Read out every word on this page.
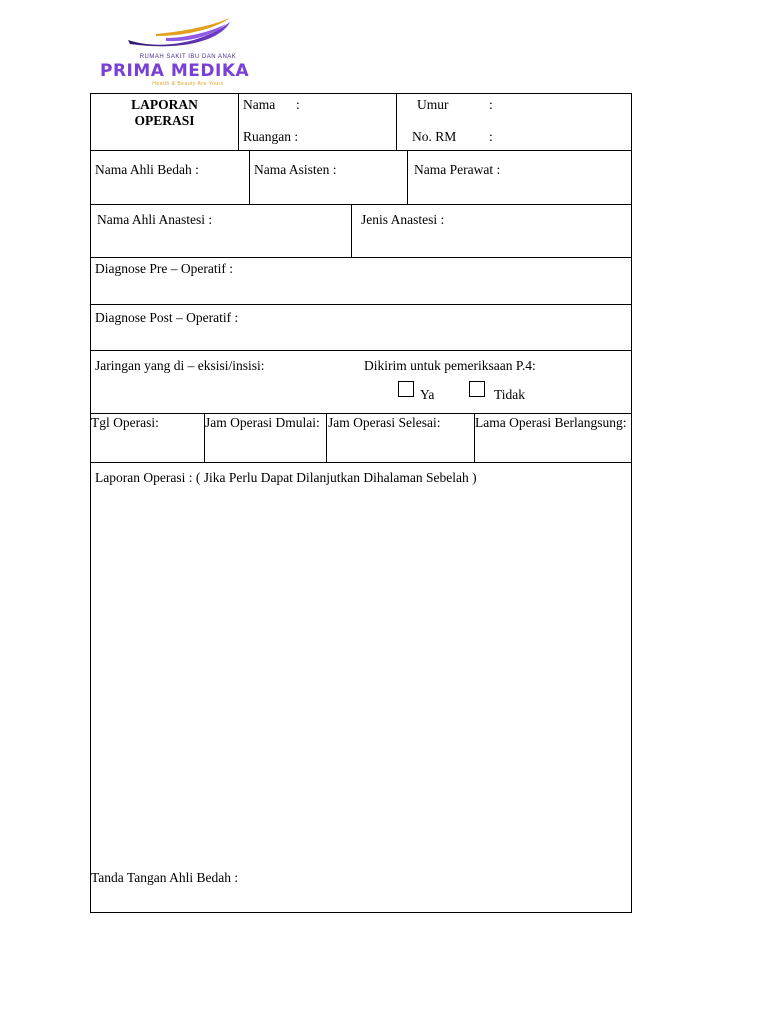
RUMAH SAKIT IBU DAN ANAK
PRIMA MEDIKA
Health & Beauty Are Yours
LAPORAN
OPERASI
Nama :
Ruangan :
Umur	:
No. RM :
Nama Ahli Bedah :	Nama Asisten :	Nama Perawat :
Nama Ahli Anastesi :	Jenis Anastesi :
Diagnose Pre – Operatif :
Diagnose Post – Operatif :
Jaringan yang di – eksisi/insisi:	Dikirim untuk pemeriksaan P.4:
Ya	Tidak
Tgl Operasi:	Jam Operasi Dmulai: Jam Operasi Selesai:	Lama Operasi Berlangsung:
Laporan Operasi : ( Jika Perlu Dapat Dilanjutkan Dihalaman Sebelah )
Tanda Tangan Ahli Bedah :
